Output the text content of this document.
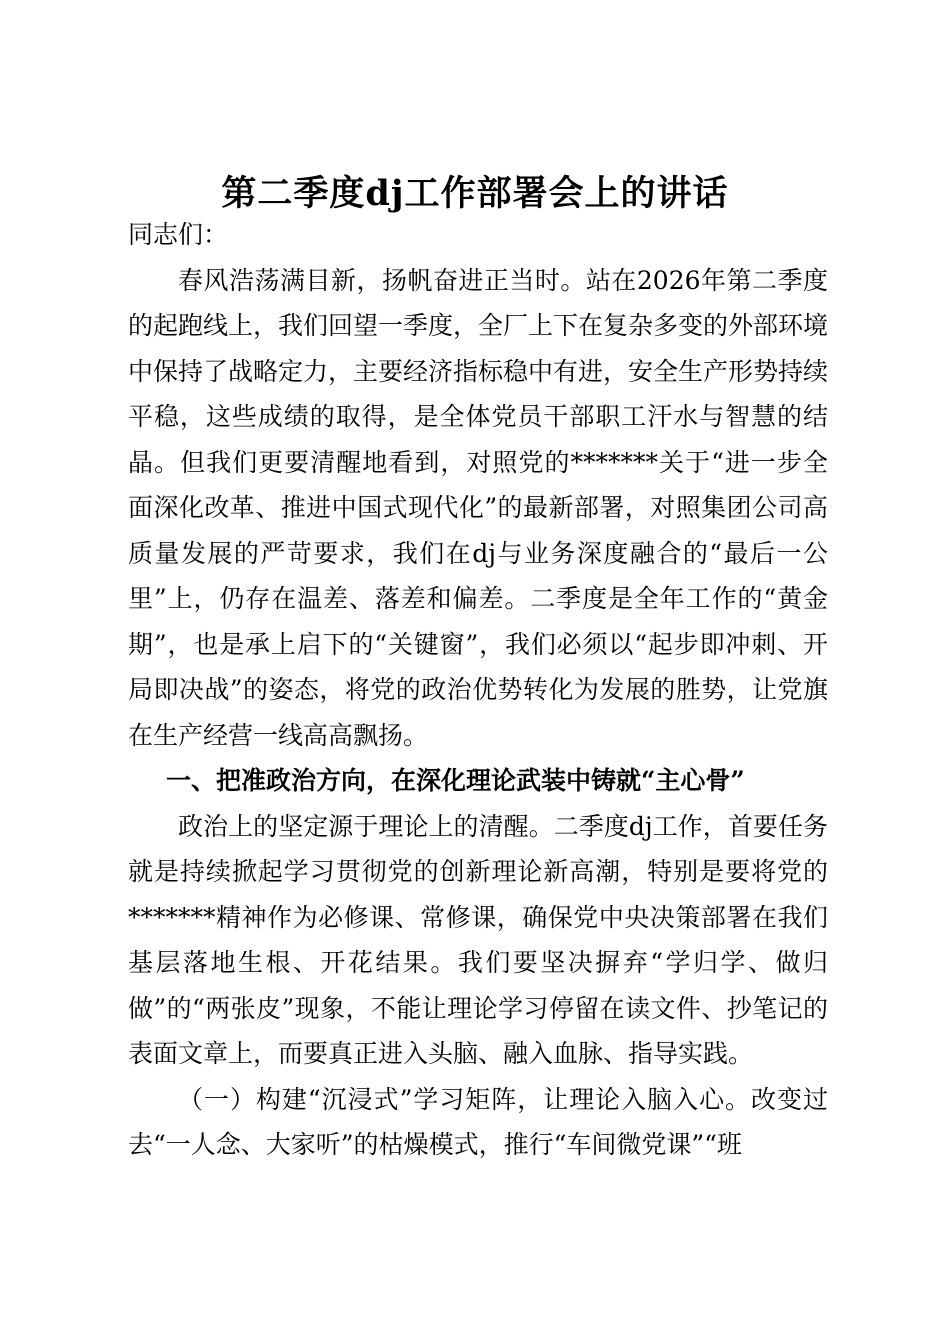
第二季度dj工作部署会上的讲话

同志们：

春风浩荡满目新，扬帆奋进正当时。站在2026年第二季度的起跑线上，我们回望一季度，全厂上下在复杂多变的外部环境中保持了战略定力，主要经济指标稳中有进，安全生产形势持续平稳，这些成绩的取得，是全体党员干部职工汗水与智慧的结晶。但我们更要清醒地看到，对照党的*******关于“进一步全面深化改革、推进中国式现代化”的最新部署，对照集团公司高质量发展的严苛要求，我们在dj与业务深度融合的“最后一公里”上，仍存在温差、落差和偏差。二季度是全年工作的“黄金期”，也是承上启下的“关键窗”，我们必须以“起步即冲刺、开局即决战”的姿态，将党的政治优势转化为发展的胜势，让党旗在生产经营一线高高飘扬。

一、把准政治方向，在深化理论武装中铸就“主心骨”

政治上的坚定源于理论上的清醒。二季度dj工作，首要任务就是持续掀起学习贯彻党的创新理论新高潮，特别是要将党的*******精神作为必修课、常修课，确保党中央决策部署在我们基层落地生根、开花结果。我们要坚决摒弃“学归学、做归做”的“两张皮”现象，不能让理论学习停留在读文件、抄笔记的表面文章上，而要真正进入头脑、融入血脉、指导实践。

（一）构建“沉浸式”学习矩阵，让理论入脑入心。改变过去“一人念、大家听”的枯燥模式，推行“车间微党课”“班
